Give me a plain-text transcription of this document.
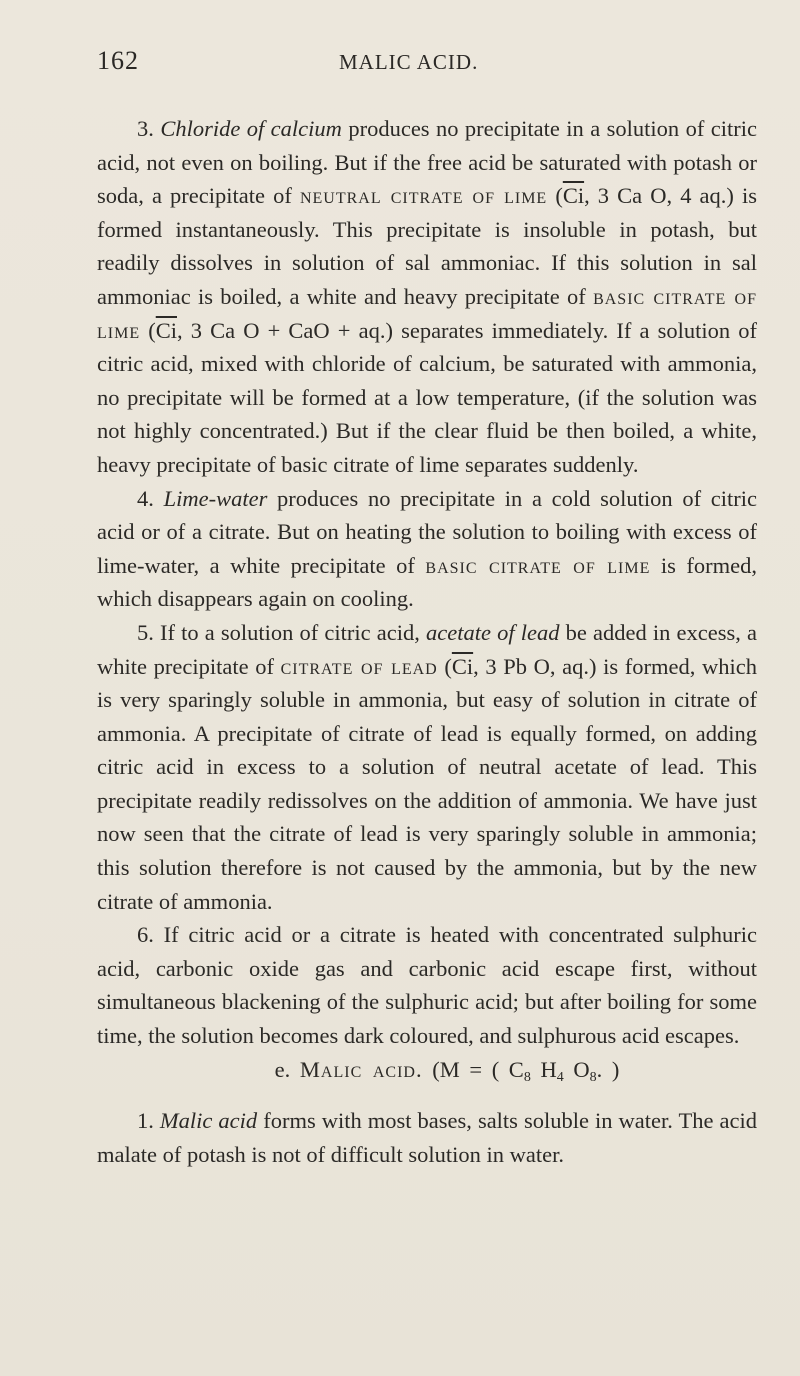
162	MALIC ACID.

3. Chloride of calcium produces no precipitate in a solution of citric acid, not even on boiling. But if the free acid be saturated with potash or soda, a precipitate of neutral citrate of lime ($\overline{Ci}$, 3 Ca O, 4 aq.) is formed instantaneously. This precipitate is insoluble in potash, but readily dissolves in solution of sal ammoniac. If this solution in sal ammoniac is boiled, a white and heavy precipitate of basic citrate of lime ($\overline{Ci}$, 3 Ca O + CaO + aq.) separates immediately. If a solution of citric acid, mixed with chloride of calcium, be saturated with ammonia, no precipitate will be formed at a low temperature, (if the solution was not highly concentrated.) But if the clear fluid be then boiled, a white, heavy precipitate of basic citrate of lime separates suddenly.

4. Lime-water produces no precipitate in a cold solution of citric acid or of a citrate. But on heating the solution to boiling with excess of lime-water, a white precipitate of basic citrate of lime is formed, which disappears again on cooling.

5. If to a solution of citric acid, acetate of lead be added in excess, a white precipitate of citrate of lead ($\overline{Ci}$, 3 Pb O, aq.) is formed, which is very sparingly soluble in ammonia, but easy of solution in citrate of ammonia. A precipitate of citrate of lead is equally formed, on adding citric acid in excess to a solution of neutral acetate of lead. This precipitate readily redissolves on the addition of ammonia. We have just now seen that the citrate of lead is very sparingly soluble in ammonia; this solution therefore is not caused by the ammonia, but by the new citrate of ammonia.

6. If citric acid or a citrate is heated with concentrated sulphuric acid, carbonic oxide gas and carbonic acid escape first, without simultaneous blackening of the sulphuric acid; but after boiling for some time, the solution becomes dark coloured, and sulphurous acid escapes.

e. Malic acid. (M = ( $C_8$ $H_4$ $O_8$. )

1. Malic acid forms with most bases, salts soluble in water. The acid malate of potash is not of difficult solution in water.
